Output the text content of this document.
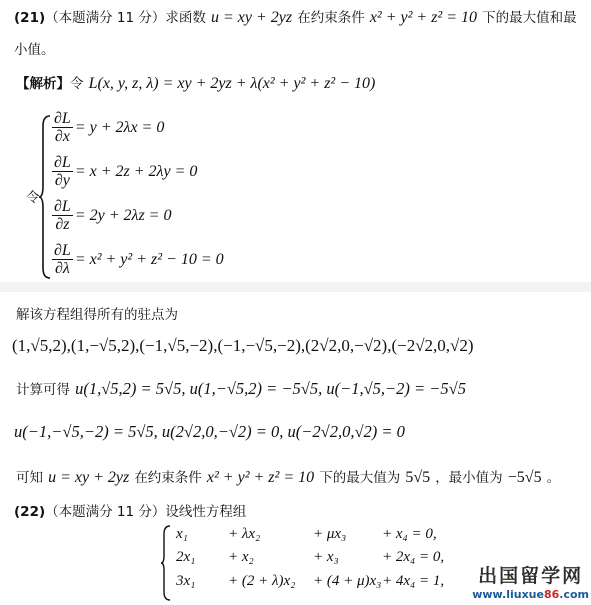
(21)（本题满分 11 分）求函数 u = xy + 2yz 在约束条件 x² + y² + z² = 10 下的最大值和最
小值。
【解析】令 L(x, y, z, λ) = xy + 2yz + λ(x² + y² + z² − 10)
令
$\frac{\partial L}{\partial x} = y + 2\lambda x = 0$
$\frac{\partial L}{\partial y} = x + 2z + 2\lambda y = 0$
$\frac{\partial L}{\partial z} = 2y + 2\lambda z = 0$
$\frac{\partial L}{\partial\lambda} = x^2 + y^2 + z^2 - 10 = 0$
解该方程组得所有的驻点为
(1,√5,2),(1,−√5,2),(−1,√5,−2),(−1,−√5,−2),(2√2,0,−√2),(−2√2,0,√2)
计算可得 u(1,√5,2) = 5√5, u(1,−√5,2) = −5√5, u(−1,√5,−2) = −5√5
u(−1,−√5,−2) = 5√5, u(2√2,0,−√2) = 0, u(−2√2,0,√2) = 0
可知 u = xy + 2yz 在约束条件 x² + y² + z² = 10 下的最大值为 5√5 ，最小值为 −5√5 。
(22)（本题满分 11 分）设线性方程组
x₁	+ λx₂	+ μx₃ + x₄ = 0,
2x₁ + x₂	+ x₃	+ 2x₄ = 0,
3x₁ + (2 + λ)x₂ + (4 + μ)x₃ + 4x₄ = 1,	出国留学网
www.liuxue86.com
